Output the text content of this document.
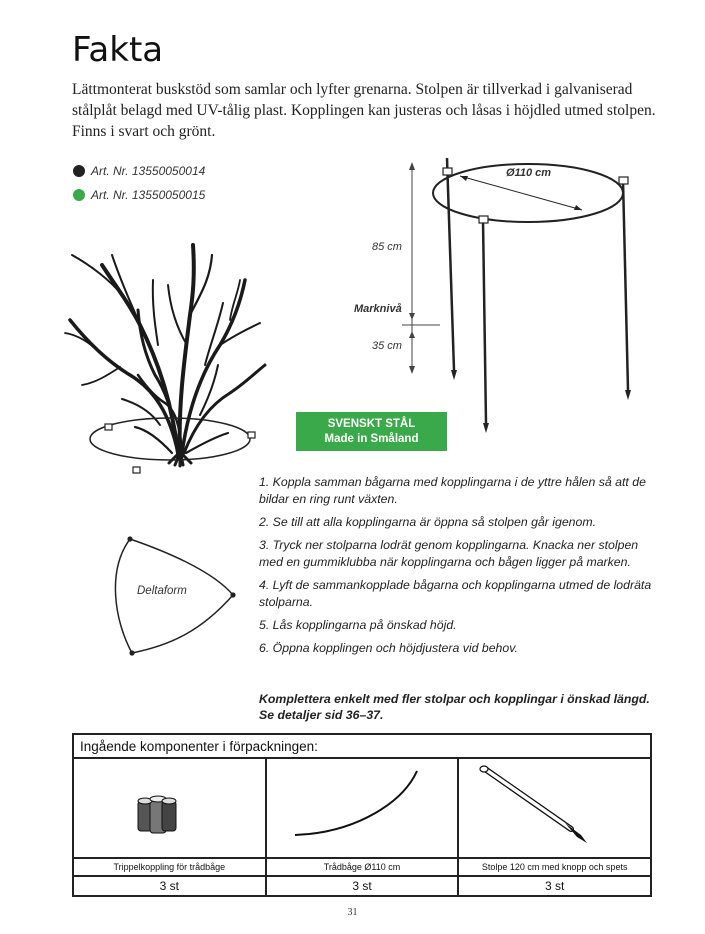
Fakta

Lättmonterat buskstöd som samlar och lyfter grenarna. Stolpen är tillverkad i galvaniserad stålplåt belagd med UV-tålig plast. Kopplingen kan justeras och låsas i höjdled utmed stolpen. Finns i svart och grönt.

Art. Nr. 13550050014
Art. Nr. 13550050015
85 cm
Marknivå
35 cm
Ø110 cm
SVENSKT STÅL
Made in Småland
Deltaform
1. Koppla samman bågarna med kopplingarna i de yttre hålen så att de bildar en ring runt växten.
2. Se till att alla kopplingarna är öppna så stolpen går igenom.
3. Tryck ner stolparna lodrät genom kopplingarna. Knacka ner stolpen med en gummiklubba när kopplingarna och bågen ligger på marken.
4. Lyft de sammankopplade bågarna och kopplingarna utmed de lodräta stolparna.
5. Lås kopplingarna på önskad höjd.
6. Öppna kopplingen och höjdjustera vid behov.
Komplettera enkelt med fler stolpar och kopplingar i önskad längd. Se detaljer sid 36–37.
Ingående komponenter i förpackningen:		

Trippelkoppling för trådbåge	Trådbåge Ø110 cm	Stolpe 120 cm med knopp och spets
3 st	3 st	3 st
31
